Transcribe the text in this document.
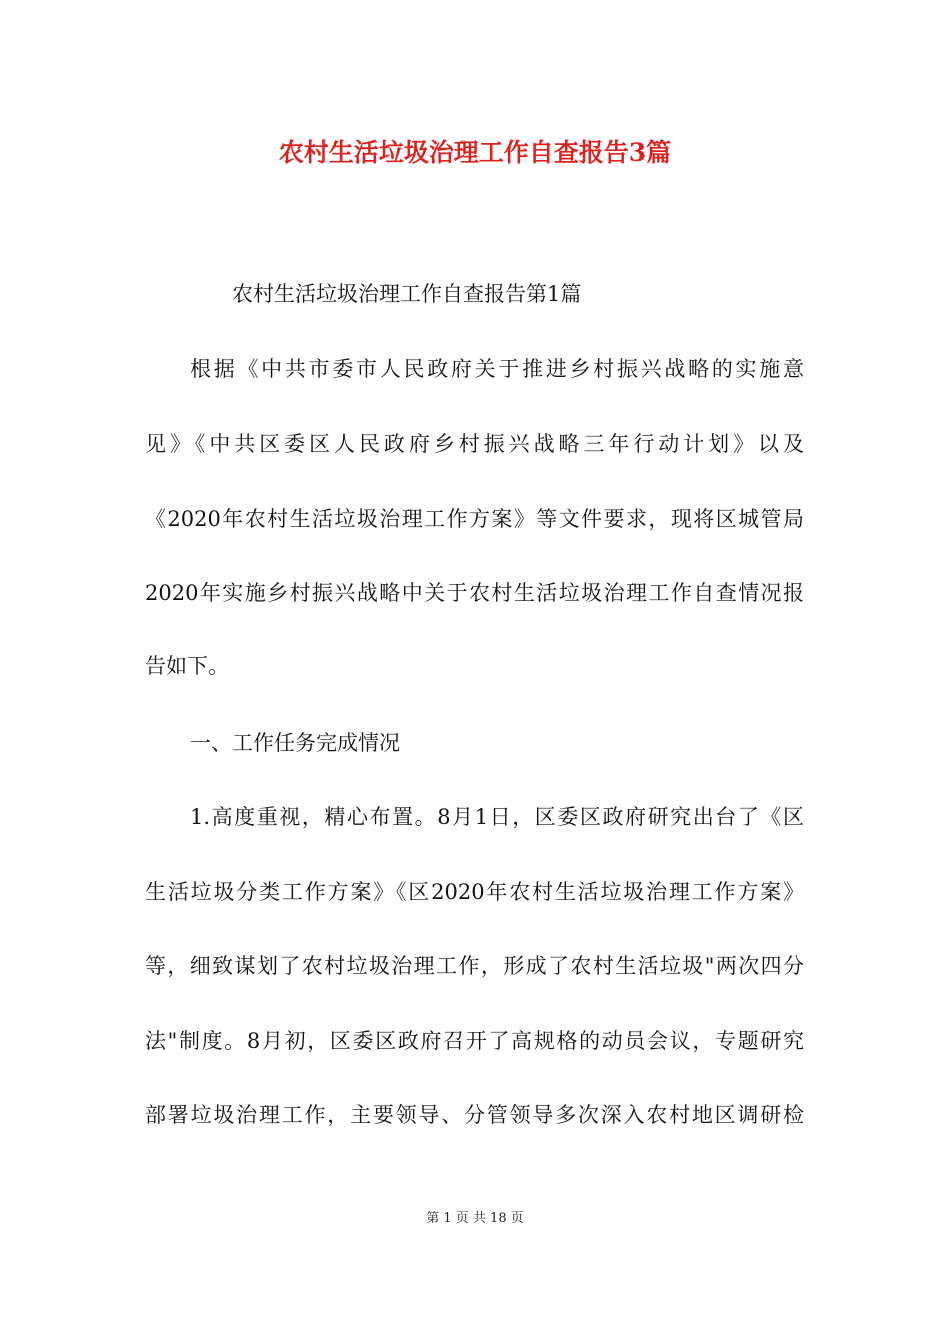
农村生活垃圾治理工作自查报告3篇
农村生活垃圾治理工作自查报告第1篇
根据《中共市委市人民政府关于推进乡村振兴战略的实施意
见》《中共区委区人民政府乡村振兴战略三年行动计划》以及
《2020年农村生活垃圾治理工作方案》等文件要求，现将区城管局
2020年实施乡村振兴战略中关于农村生活垃圾治理工作自查情况报
告如下。
一、工作任务完成情况
1.高度重视，精心布置。8月1日，区委区政府研究出台了《区
生活垃圾分类工作方案》《区2020年农村生活垃圾治理工作方案》
等，细致谋划了农村垃圾治理工作，形成了农村生活垃圾"两次四分
法"制度。8月初，区委区政府召开了高规格的动员会议，专题研究
部署垃圾治理工作，主要领导、分管领导多次深入农村地区调研检
第 1 页 共 18 页
